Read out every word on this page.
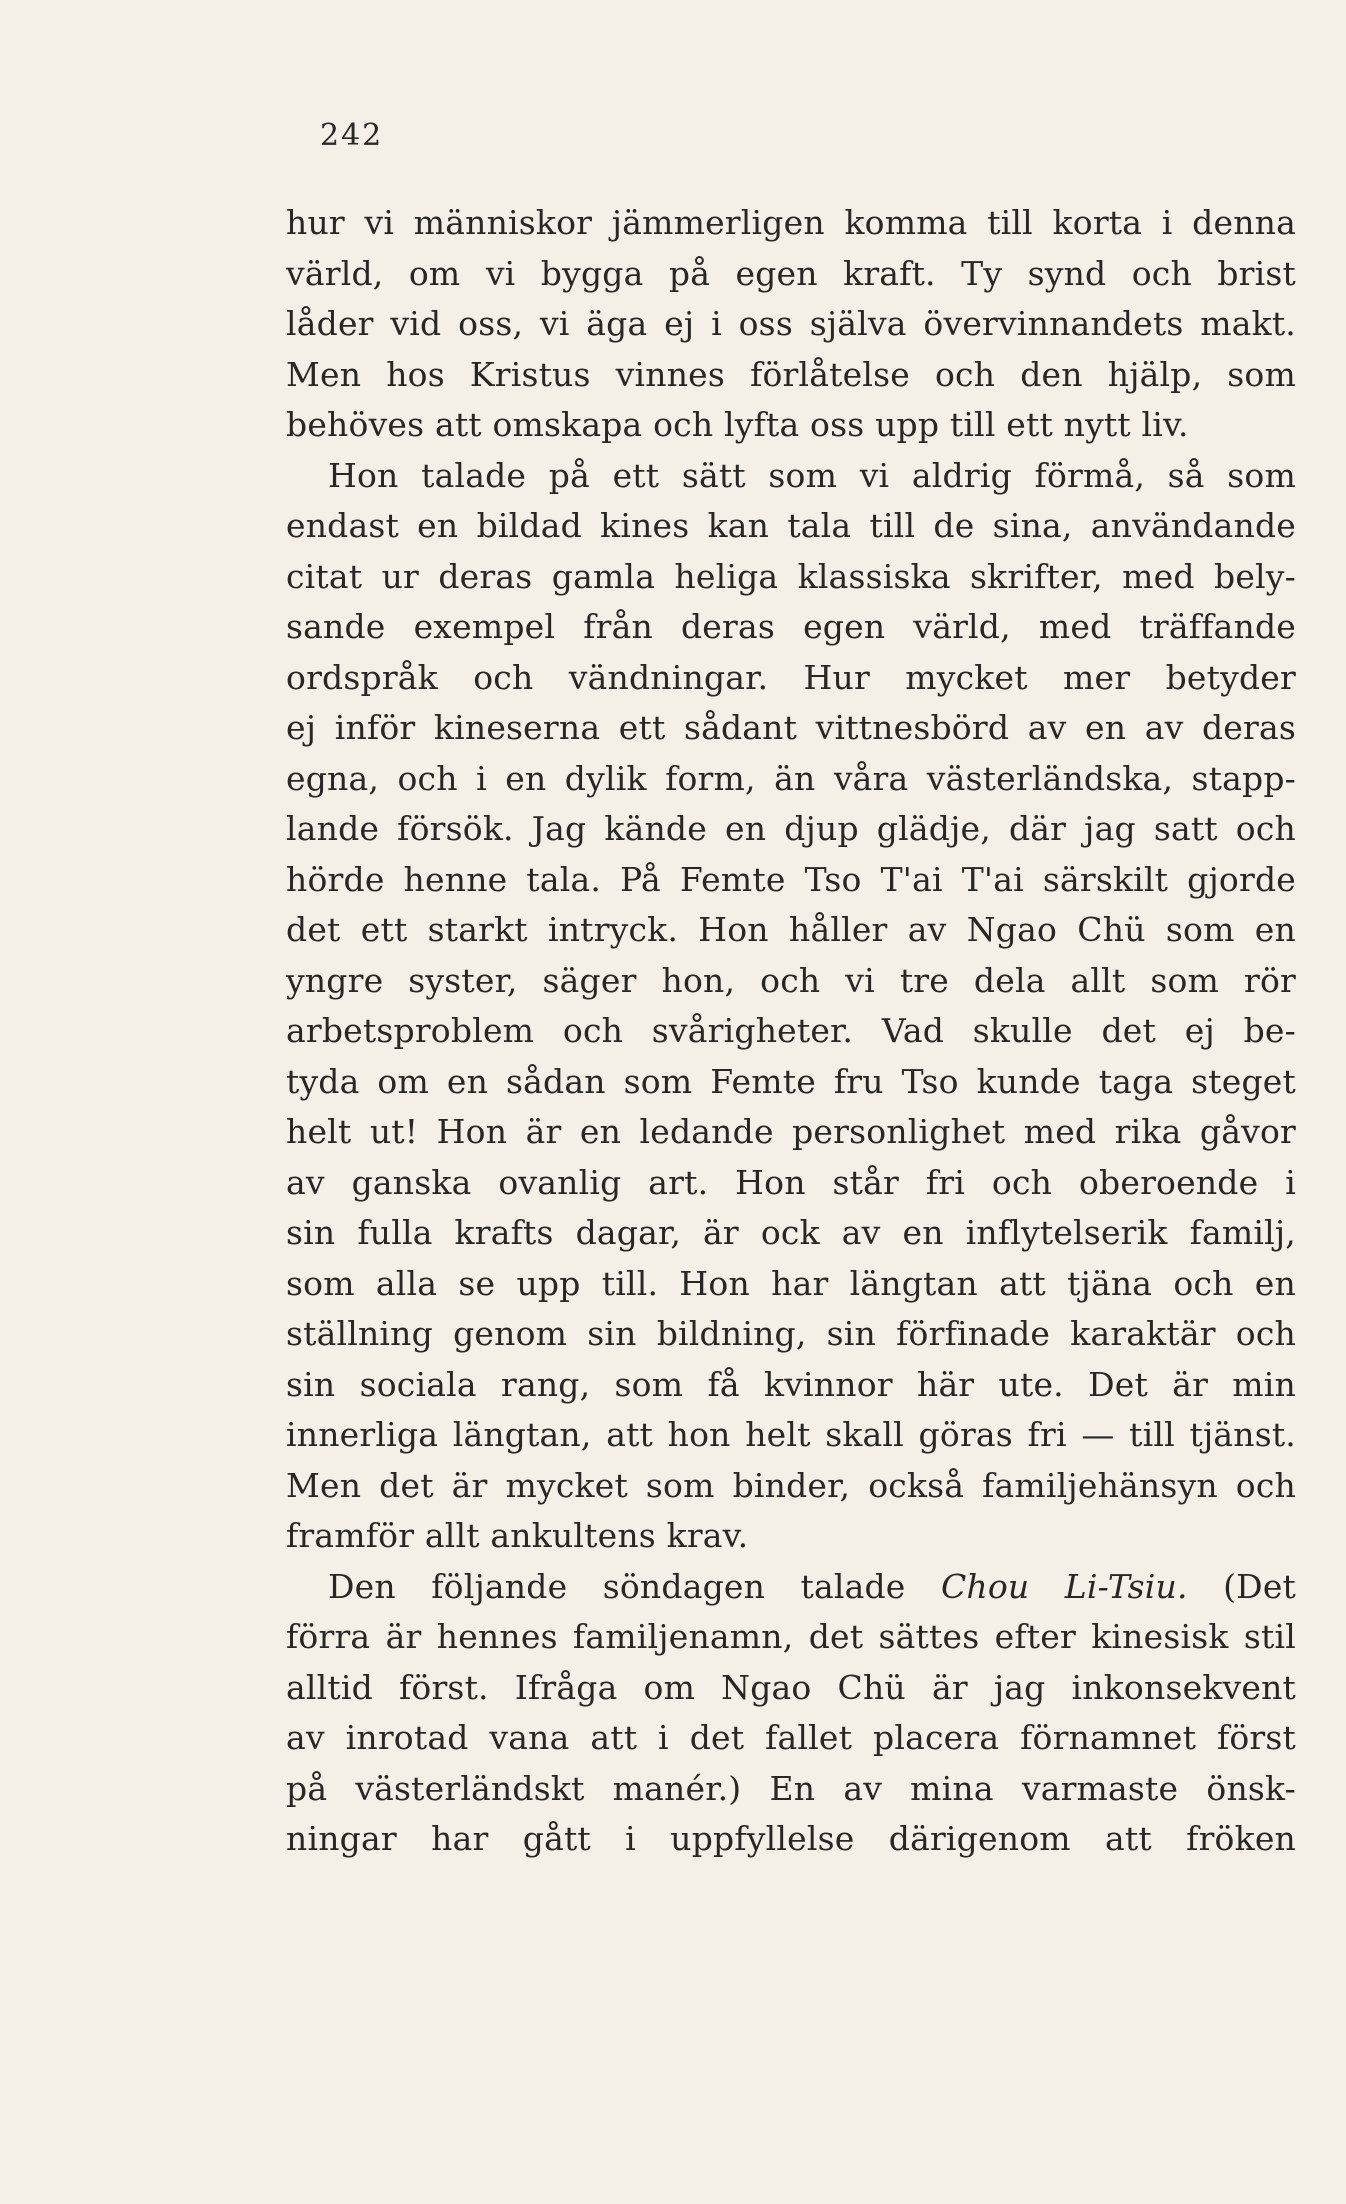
242
hur vi människor jämmerligen komma till korta i denna
värld, om vi bygga på egen kraft. Ty synd och brist
låder vid oss, vi äga ej i oss själva övervinnandets makt.
Men hos Kristus vinnes förlåtelse och den hjälp, som
behöves att omskapa och lyfta oss upp till ett nytt liv.
Hon talade på ett sätt som vi aldrig förmå, så som
endast en bildad kines kan tala till de sina, användande
citat ur deras gamla heliga klassiska skrifter, med bely-
sande exempel från deras egen värld, med träffande
ordspråk och vändningar. Hur mycket mer betyder
ej inför kineserna ett sådant vittnesbörd av en av deras
egna, och i en dylik form, än våra västerländska, stapp-
lande försök. Jag kände en djup glädje, där jag satt och
hörde henne tala. På Femte Tso T'ai T'ai särskilt gjorde
det ett starkt intryck. Hon håller av Ngao Chü som en
yngre syster, säger hon, och vi tre dela allt som rör
arbetsproblem och svårigheter. Vad skulle det ej be-
tyda om en sådan som Femte fru Tso kunde taga steget
helt ut! Hon är en ledande personlighet med rika gåvor
av ganska ovanlig art. Hon står fri och oberoende i
sin fulla krafts dagar, är ock av en inflytelserik familj,
som alla se upp till. Hon har längtan att tjäna och en
ställning genom sin bildning, sin förfinade karaktär och
sin sociala rang, som få kvinnor här ute. Det är min
innerliga längtan, att hon helt skall göras fri — till tjänst.
Men det är mycket som binder, också familjehänsyn och
framför allt ankultens krav.
Den följande söndagen talade Chou Li-Tsiu. (Det
förra är hennes familjenamn, det sättes efter kinesisk stil
alltid först. Ifråga om Ngao Chü är jag inkonsekvent
av inrotad vana att i det fallet placera förnamnet först
på västerländskt manér.) En av mina varmaste önsk-
ningar har gått i uppfyllelse därigenom att fröken
